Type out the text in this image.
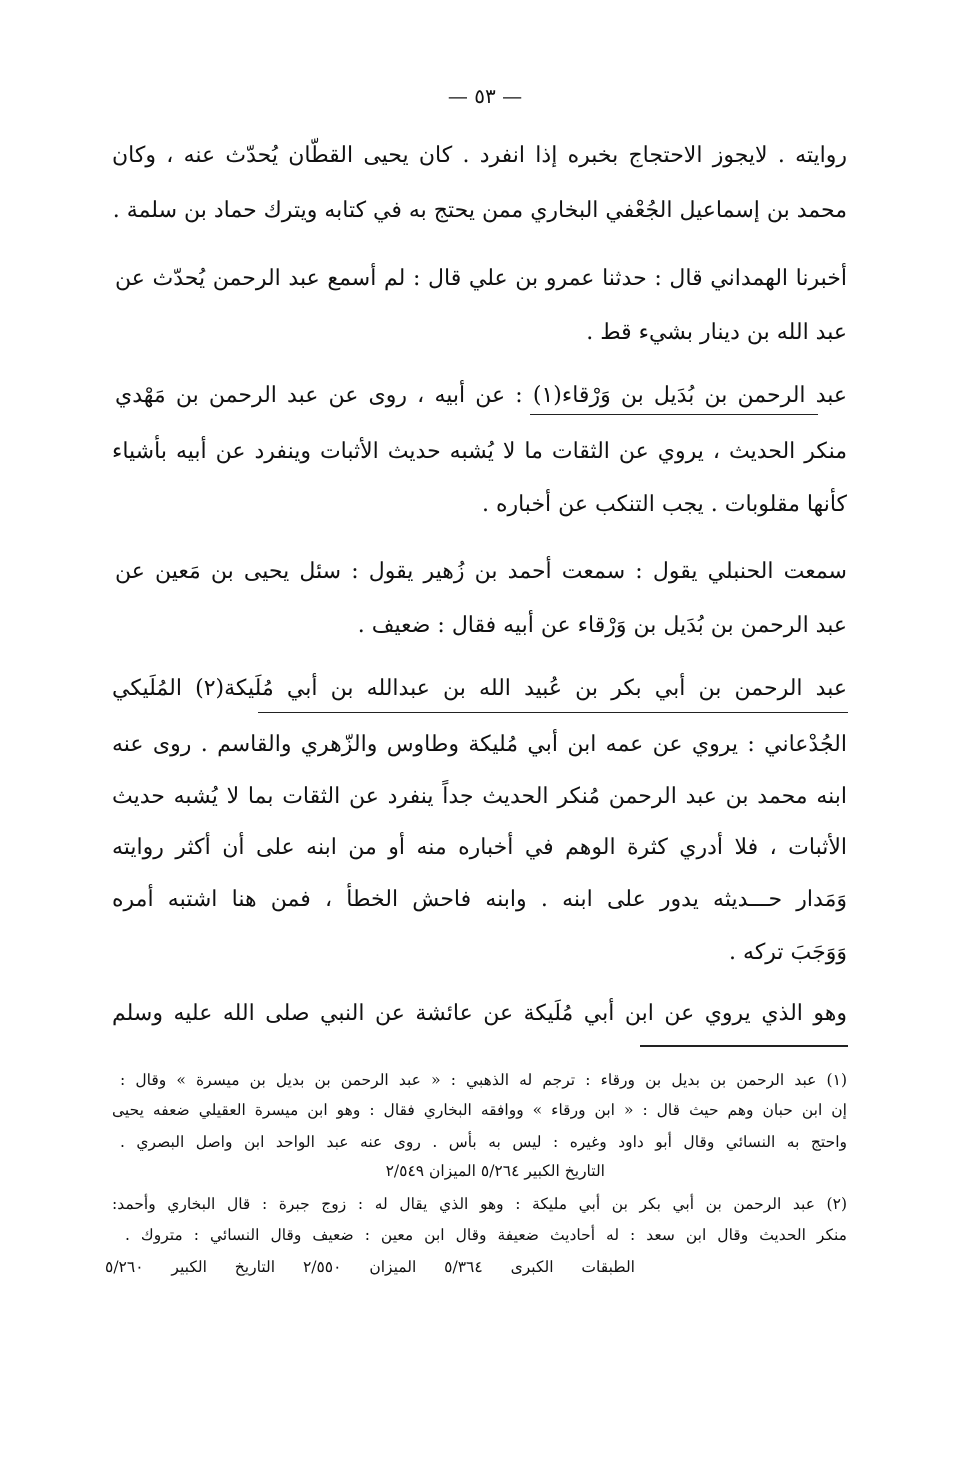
— ٥٣ —
روايته . لايجوز الاحتجاج بخبره إذا انفرد . كان يحيى القطّان يُحدّث عنه ، وكان
محمد بن إسماعيل الجُعْفي البخاري ممن يحتج به في كتابه ويترك حماد بن سلمة .
أخبرنا الهمداني قال : حدثنا عمرو بن علي قال : لم أسمع عبد الرحمن يُحدّث عن
عبد الله بن دينار بشيء قط .
عبد الرحمن بن بُدَيل بن وَرْقاء(١) : عن أبيه ، روى عن عبد الرحمن بن مَهْدي
منكر الحديث ، يروي عن الثقات ما لا يُشبه حديث الأثبات وينفرد عن أبيه بأشياء
كأنها مقلوبات . يجب التنكب عن أخباره .
سمعت الحنبلي يقول : سمعت أحمد بن زُهير يقول : سئل يحيى بن مَعين عن
عبد الرحمن بن بُدَيل بن وَرْقاء عن أبيه فقال : ضعيف .
عبد الرحمن بن أبي بكر بن عُبيد الله بن عبدالله بن أبي مُلَيكة(٢) المُلَيكي
الجُدْعاني : يروي عن عمه ابن أبي مُليكة وطاوس والزّهري والقاسم . روى عنه
ابنه محمد بن عبد الرحمن مُنكر الحديث جداً ينفرد عن الثقات بما لا يُشبه حديث
الأثبات ، فلا أدري كثرة الوهم في أخباره منه أو من ابنه على أن أكثر روايته
وَمَدار حـــديثه يدور على ابنه . وابنه فاحش الخطأ ، فمن هنا اشتبه أمره
وَوَجَبَ تركه .
وهو الذي يروي عن ابن أبي مُلَيكة عن عائشة عن النبي صلى الله عليه وسلم
(١) عبد الرحمن بن بديل بن ورقاء : ترجم له الذهبي : « عبد الرحمن بن بديل بن ميسرة » وقال :
إن ابن حبان وهم حيث قال : « ابن ورقاء » ووافقه البخاري فقال : وهو ابن ميسرة العقيلي ضعفه يحيى
واحتج به النسائي وقال أبو داود وغيره : ليس به بأس . روى عنه عبد الواحد ابن واصل البصري .
التاريخ الكبير ٥/٢٦٤ الميزان ٢/٥٤٩
(٢) عبد الرحمن بن أبي بكر بن أبي مليكة : وهو الذي يقال له : زوج جبرة : قال البخاري وأحمد:
منكر الحديث وقال ابن سعد : له أحاديث ضعيفة وقال ابن معين : ضعيف وقال النسائي : متروك .
الطبقات الكبرى ٥/٣٦٤ الميزان ٢/٥٥٠ التاريخ الكبير ٥/٢٦٠
